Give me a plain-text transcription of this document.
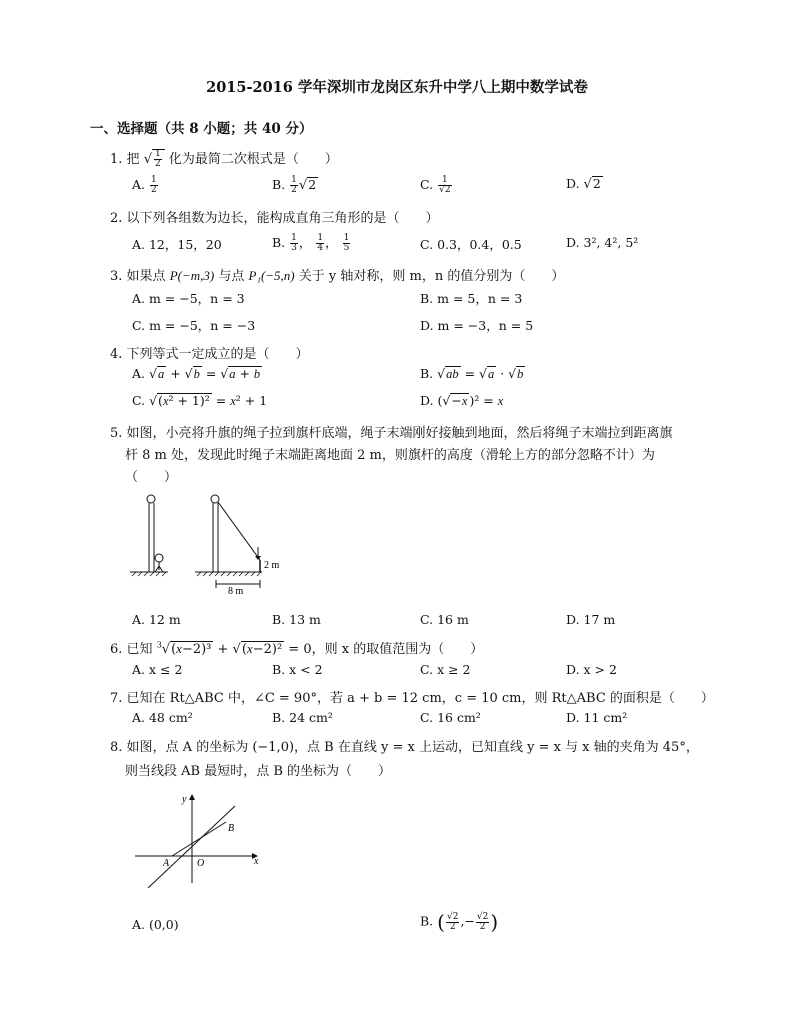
2015-2016 学年深圳市龙岗区东升中学八上期中数学试卷
一、选择题（共 8 小题；共 40 分）
1. 把 √ $\frac{1}{2}$ 化为最简二次根式是（　　）
A. $\frac{1}{2}$	B. $\frac{1}{2} √2$	C. $\frac{1}{√2}$	D. √2
2. 以下列各组数为边长，能构成直角三角形的是（　　）
A. 12，15，20	B. $\frac{1}{3}$ ， $\frac{1}{4}$ ， $\frac{1}{5}$	C. 0.3，0.4，0.5	D. 3², 4², 5²
3. 如果点 P(−m,3) 与点 P₁(−5,n) 关于 y 轴对称，则 m，n 的值分别为（　　）
A. m = −5，n = 3	B. m = 5，n = 3
C. m = −5，n = −3	D. m = −3，n = 5
4. 下列等式一定成立的是（　　）
A. √a + √b = √a + b	B. √ab = √a · √b
C. √(x² + 1)² = x² + 1	D. (√−x )² = x
5. 如图，小亮将升旗的绳子拉到旗杆底端，绳子末端刚好接触到地面，然后将绳子末端拉到距离旗
杆 8 m 处，发现此时绳子末端距离地面 2 m，则旗杆的高度（滑轮上方的部分忽略不计）为
（　　）
2 m
8 m
A. 12 m	B. 13 m	C. 16 m	D. 17 m
6. 已知 $^3$√(x−2)³ + √(x−2)² = 0，则 x 的取值范围为（　　）
A. x ≤ 2	B. x < 2	C. x ≥ 2	D. x > 2
7. 已知在 Rt△ABC 中，∠C = 90°，若 a + b = 12 cm，c = 10 cm，则 Rt△ABC 的面积是（　　）
A. 48 cm²	B. 24 cm²	C. 16 cm²	D. 11 cm²
8. 如图，点 A 的坐标为 (−1,0)，点 B 在直线 y = x 上运动，已知直线 y = x 与 x 轴的夹角为 45°，
则当线段 AB 最短时，点 B 的坐标为（　　）
x
y
O
A
B
A. (0,0)	B. ( $\frac{√2}{2}$ ,− $\frac{√2}{2}$ )
